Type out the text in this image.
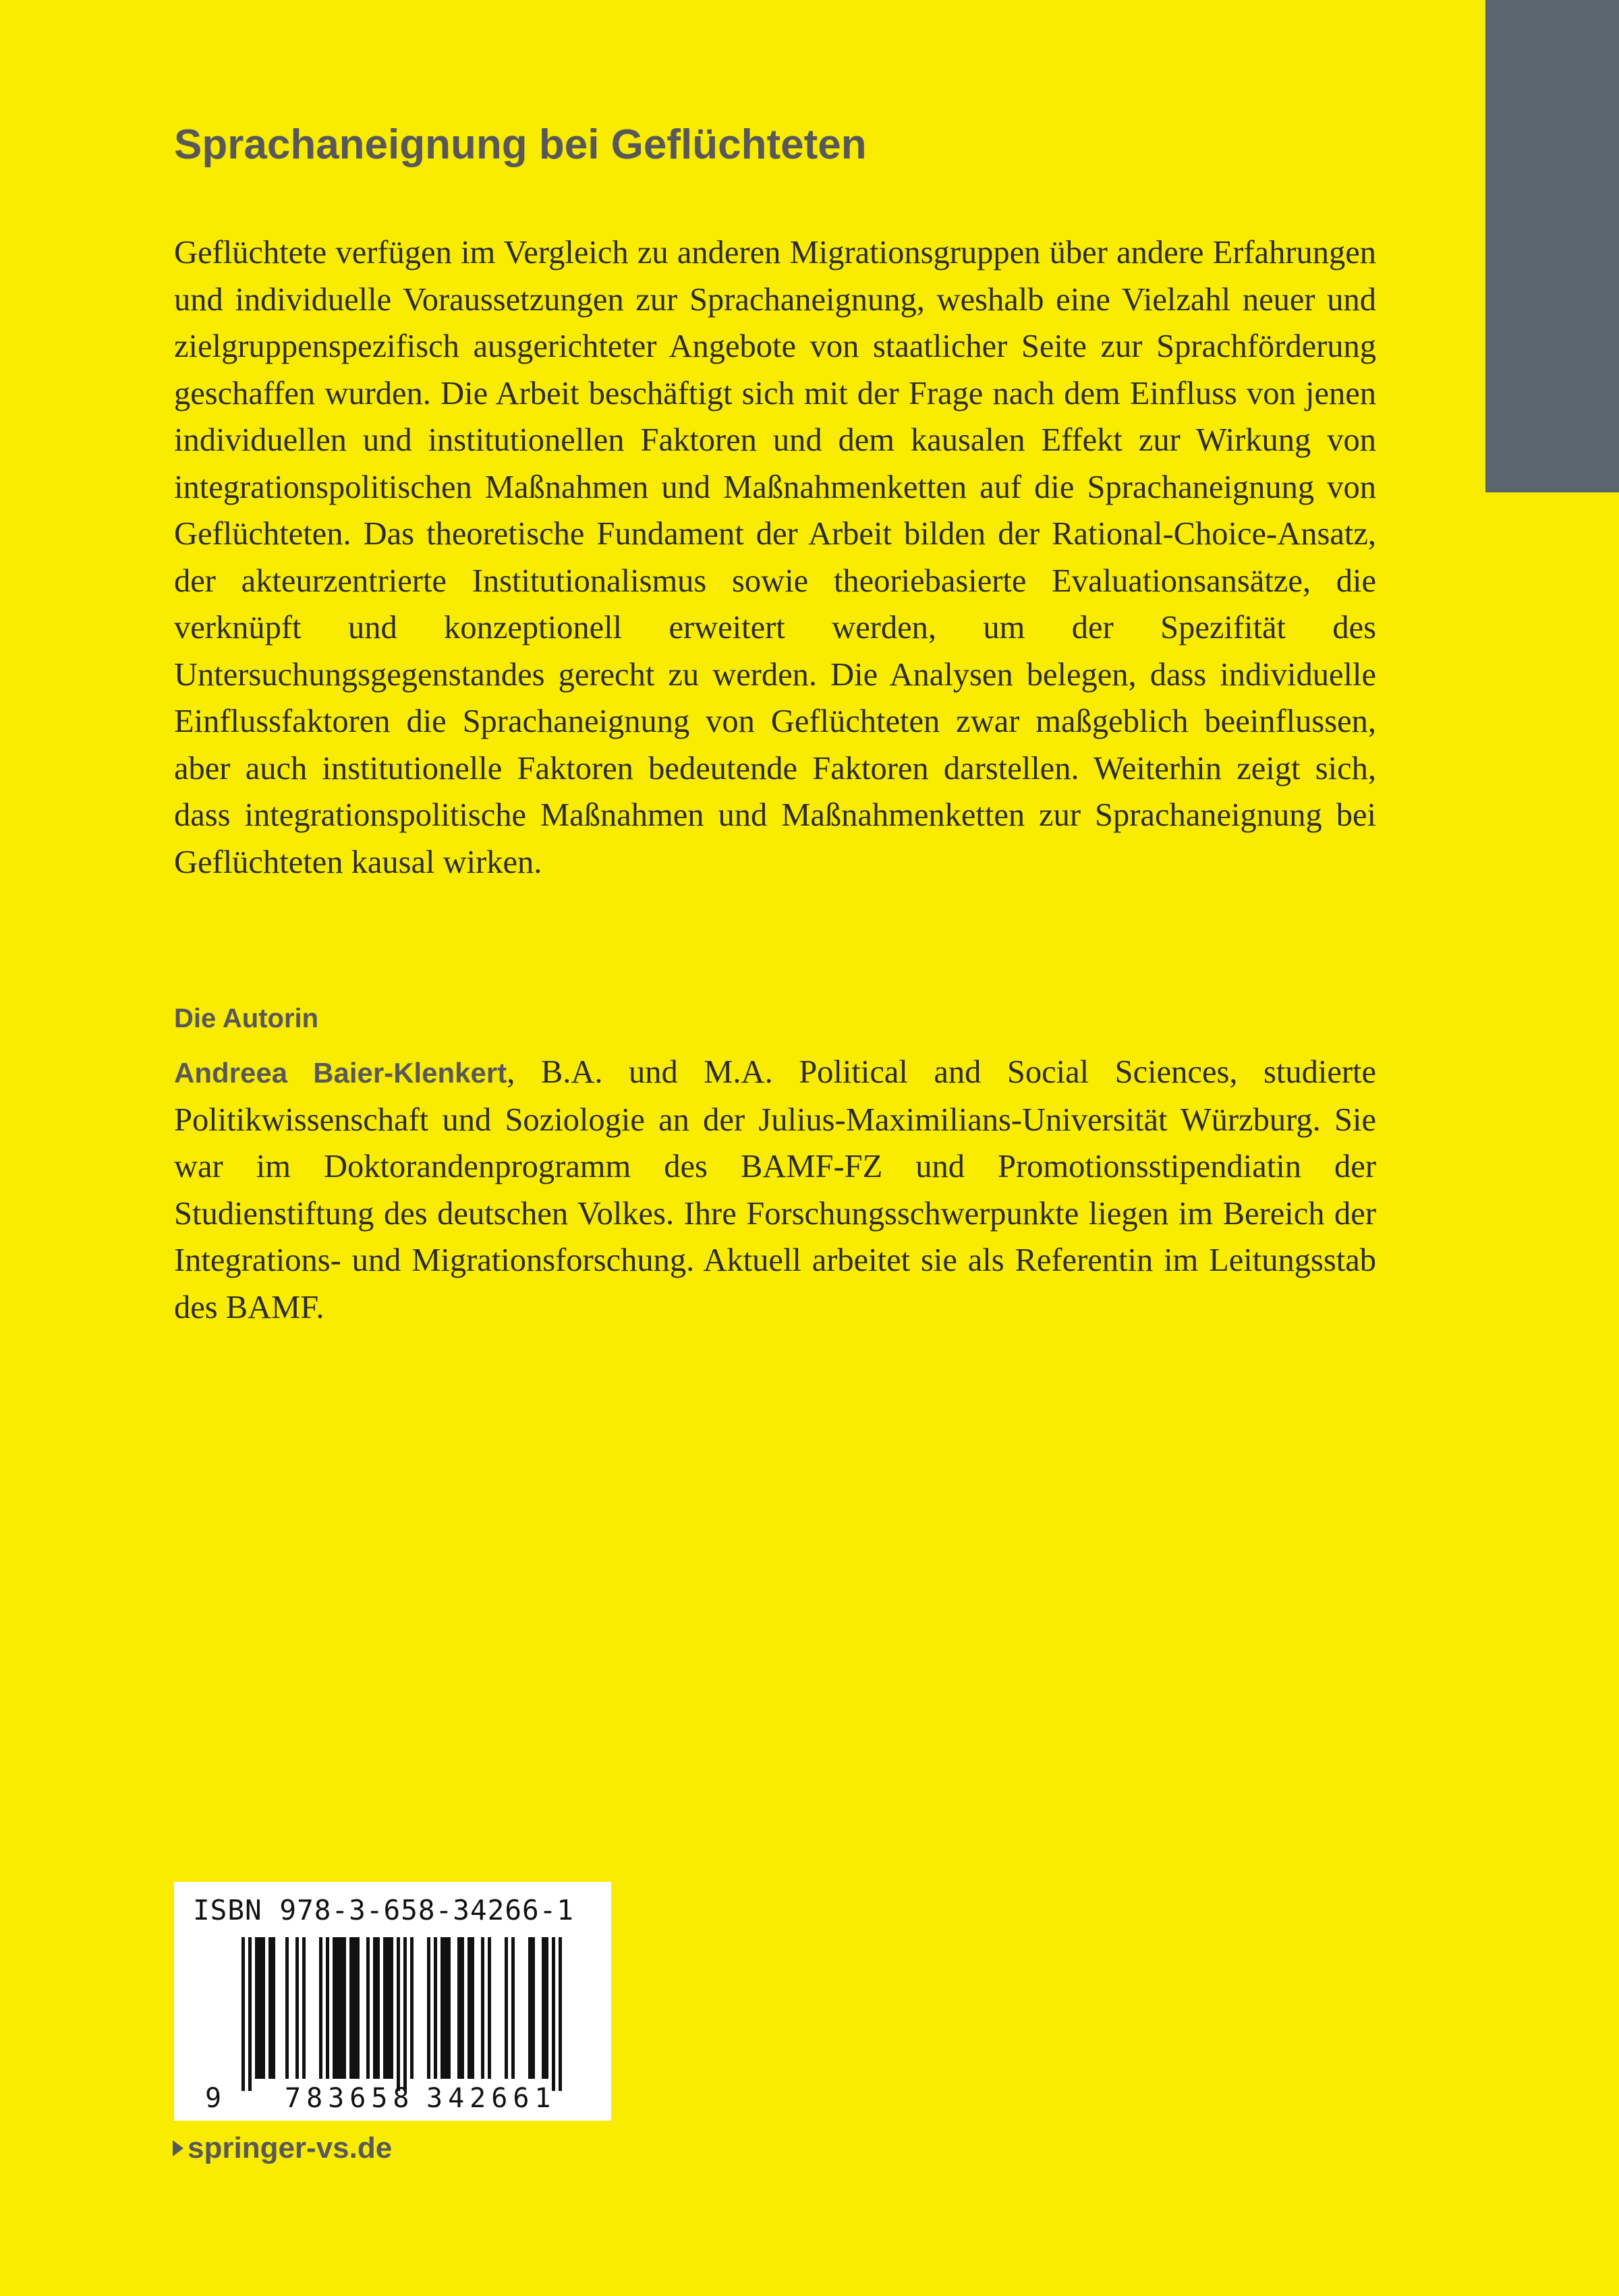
Sprachaneignung bei Geflüchteten

Geflüchtete verfügen im Vergleich zu anderen Migrationsgruppen über andere Erfahrungen und individuelle Voraussetzungen zur Sprachaneignung, weshalb eine Vielzahl neuer und zielgruppenspezifisch ausgerichteter Angebote von staatlicher Seite zur Sprachförderung geschaffen wurden. Die Arbeit beschäftigt sich mit der Frage nach dem Einfluss von jenen individuellen und institutionellen Faktoren und dem kausalen Effekt zur Wirkung von integrationspolitischen Maßnahmen und Maßnahmenketten auf die Sprachaneignung von Geflüchteten. Das theoretische Fundament der Arbeit bilden der Rational-Choice-Ansatz, der akteurzentrierte Institutionalismus sowie theoriebasierte Evaluationsansätze, die verknüpft und konzeptionell erweitert werden, um der Spezifität des Untersuchungsgegenstandes gerecht zu werden. Die Analysen belegen, dass individuelle Einflussfaktoren die Sprachaneignung von Geflüchteten zwar maßgeblich beeinflussen, aber auch institutionelle Faktoren bedeutende Faktoren darstellen. Weiterhin zeigt sich, dass integrationspolitische Maßnahmen und Maßnahmenketten zur Sprachaneignung bei Geflüchteten kausal wirken.

Die Autorin

Andreea Baier-Klenkert, B.A. und M.A. Political and Social Sciences, studierte Politikwissenschaft und Soziologie an der Julius-Maximilians-Universität Würzburg. Sie war im Doktorandenprogramm des BAMF-FZ und Promotionsstipendiatin der Studienstiftung des deutschen Volkes. Ihre Forschungsschwerpunkte liegen im Bereich der Integrations- und Migrationsforschung. Aktuell arbeitet sie als Referentin im Leitungsstab des BAMF.

ISBN 978-3-658-34266-1
9 783658 342661
springer-vs.de
